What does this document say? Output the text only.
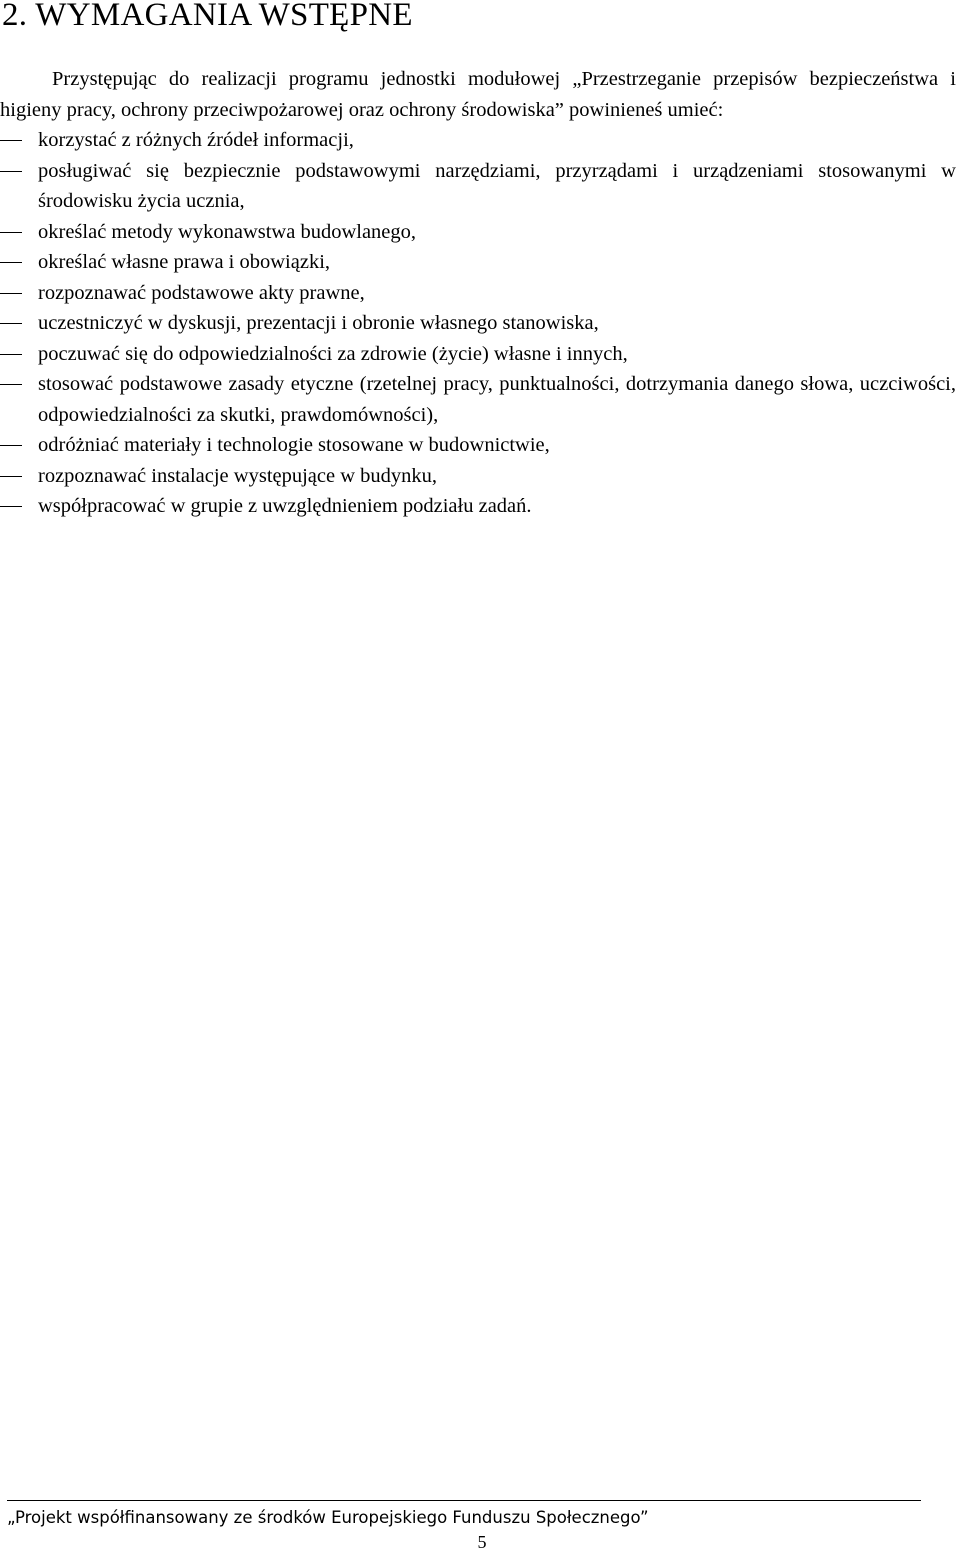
2. WYMAGANIA WSTĘPNE

Przystępując do realizacji programu jednostki modułowej „Przestrzeganie przepisów bezpieczeństwa i higieny pracy, ochrony przeciwpożarowej oraz ochrony środowiska” powinieneś umieć:

korzystać z różnych źródeł informacji,
posługiwać się bezpiecznie podstawowymi narzędziami, przyrządami i urządzeniami stosowanymi w środowisku życia ucznia,
określać metody wykonawstwa budowlanego,
określać własne prawa i obowiązki,
rozpoznawać podstawowe akty prawne,
uczestniczyć w dyskusji, prezentacji i obronie własnego stanowiska,
poczuwać się do odpowiedzialności za zdrowie (życie) własne i innych,
stosować podstawowe zasady etyczne (rzetelnej pracy, punktualności, dotrzymania danego słowa, uczciwości, odpowiedzialności za skutki, prawdomówności),
odróżniać materiały i technologie stosowane w budownictwie,
rozpoznawać instalacje występujące w budynku,
współpracować w grupie z uwzględnieniem podziału zadań.

„Projekt współfinansowany ze środków Europejskiego Funduszu Społecznego”

5
